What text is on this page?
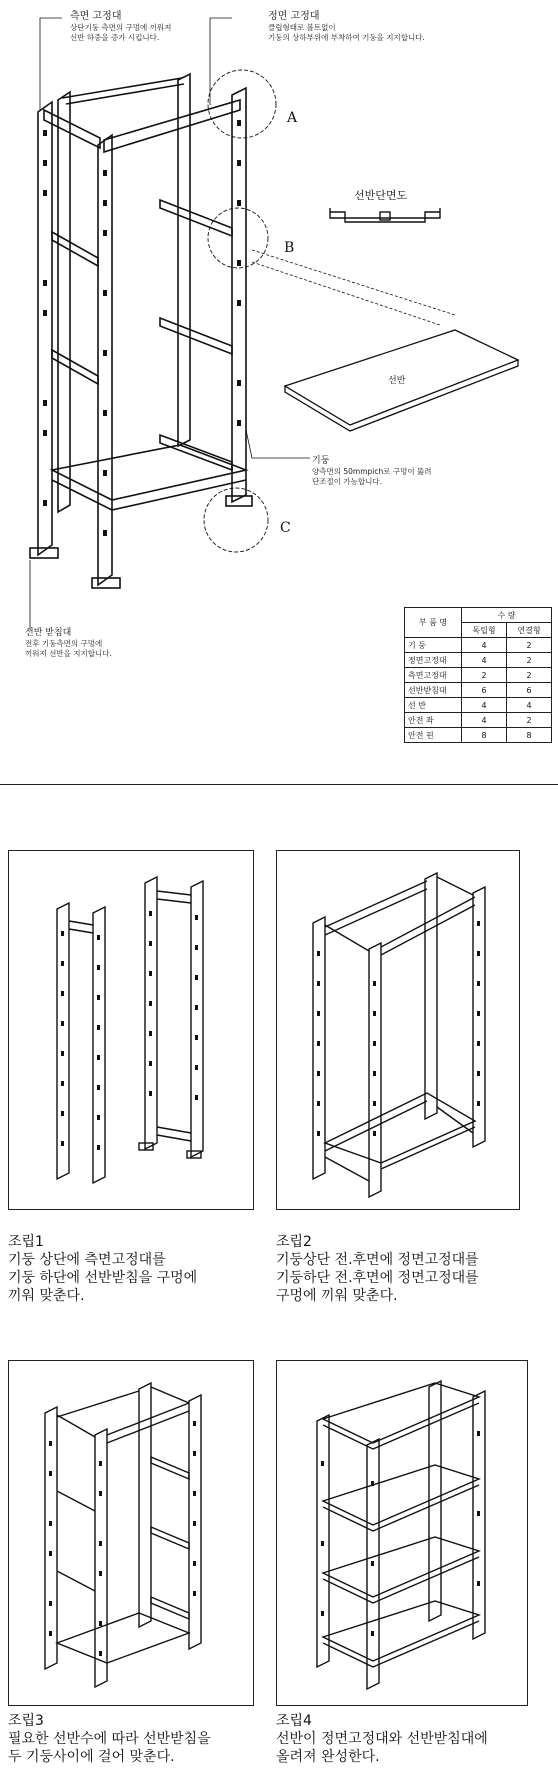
A
B
C
측면 고정대
상단기둥 측면의 구멍에 끼워져
선반 하중을 증가 시킵니다.
정면 고정대
클립형태로 볼트없이
기둥의 상하부위에 부착하여 기둥을 지지합니다.
선반단면도
선반
기둥
양측면의 50mmpich로 구멍이 뚫려
단조절이 가능합니다.
선반 받침대
전후 기둥측면의 구멍에
끼워져 선반을 지지합니다.
부 품 명	수 량	
	독립형	연결형
기 둥	4	2
정면고정대	4	2
측면고정대	2	2
선반받침대	6	6
선 반	4	4
안전 좌	4	2
안전 핀	8	8
조립1
기둥 상단에 측면고정대를
기둥 하단에 선반받침을 구멍에
끼워 맞춘다.
조립2
기둥상단 전.후면에 정면고정대를
기둥하단 전.후면에 정면고정대를
구멍에 끼워 맞춘다.
조립3
필요한 선반수에 따라 선반받침을
두 기둥사이에 걸어 맞춘다.
조립4
선반이 정면고정대와 선반받침대에
올려져 완성한다.
